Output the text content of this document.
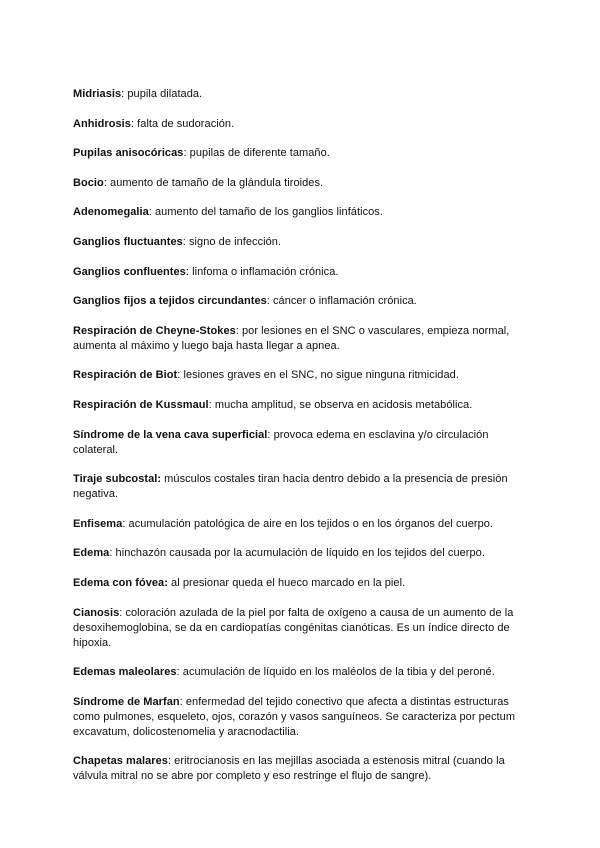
Midriasis: pupila dilatada.

Anhidrosis: falta de sudoración.

Pupilas anisocóricas: pupilas de diferente tamaño.

Bocio: aumento de tamaño de la glándula tiroides.

Adenomegalia: aumento del tamaño de los ganglios linfáticos.

Ganglios fluctuantes: signo de infección.

Ganglios confluentes: linfoma o inflamación crónica.

Ganglios fijos a tejidos circundantes: cáncer o inflamación crónica.

Respiración de Cheyne-Stokes: por lesiones en el SNC o vasculares, empieza normal, aumenta al máximo y luego baja hasta llegar a apnea.

Respiración de Biot: lesiones graves en el SNC, no sigue ninguna ritmicidad.

Respiración de Kussmaul: mucha amplitud, se observa en acidosis metabólica.

Síndrome de la vena cava superficial: provoca edema en esclavina y/o circulación colateral.

Tiraje subcostal: músculos costales tiran hacia dentro debido a la presencia de presión negativa.

Enfisema: acumulación patológica de aire en los tejidos o en los órganos del cuerpo.

Edema: hinchazón causada por la acumulación de líquido en los tejidos del cuerpo.

Edema con fóvea: al presionar queda el hueco marcado en la piel.

Cianosis: coloración azulada de la piel por falta de oxígeno a causa de un aumento de la desoxihemoglobina, se da en cardiopatías congénitas cianóticas. Es un índice directo de hipoxia.

Edemas maleolares: acumulación de líquido en los maléolos de la tibia y del peroné.

Síndrome de Marfan: enfermedad del tejido conectivo que afecta a distintas estructuras como pulmones, esqueleto, ojos, corazón y vasos sanguíneos. Se caracteriza por pectum excavatum, dolicostenomelia y aracnodactilia.

Chapetas malares: eritrocianosis en las mejillas asociada a estenosis mitral (cuando la válvula mitral no se abre por completo y eso restringe el flujo de sangre).
